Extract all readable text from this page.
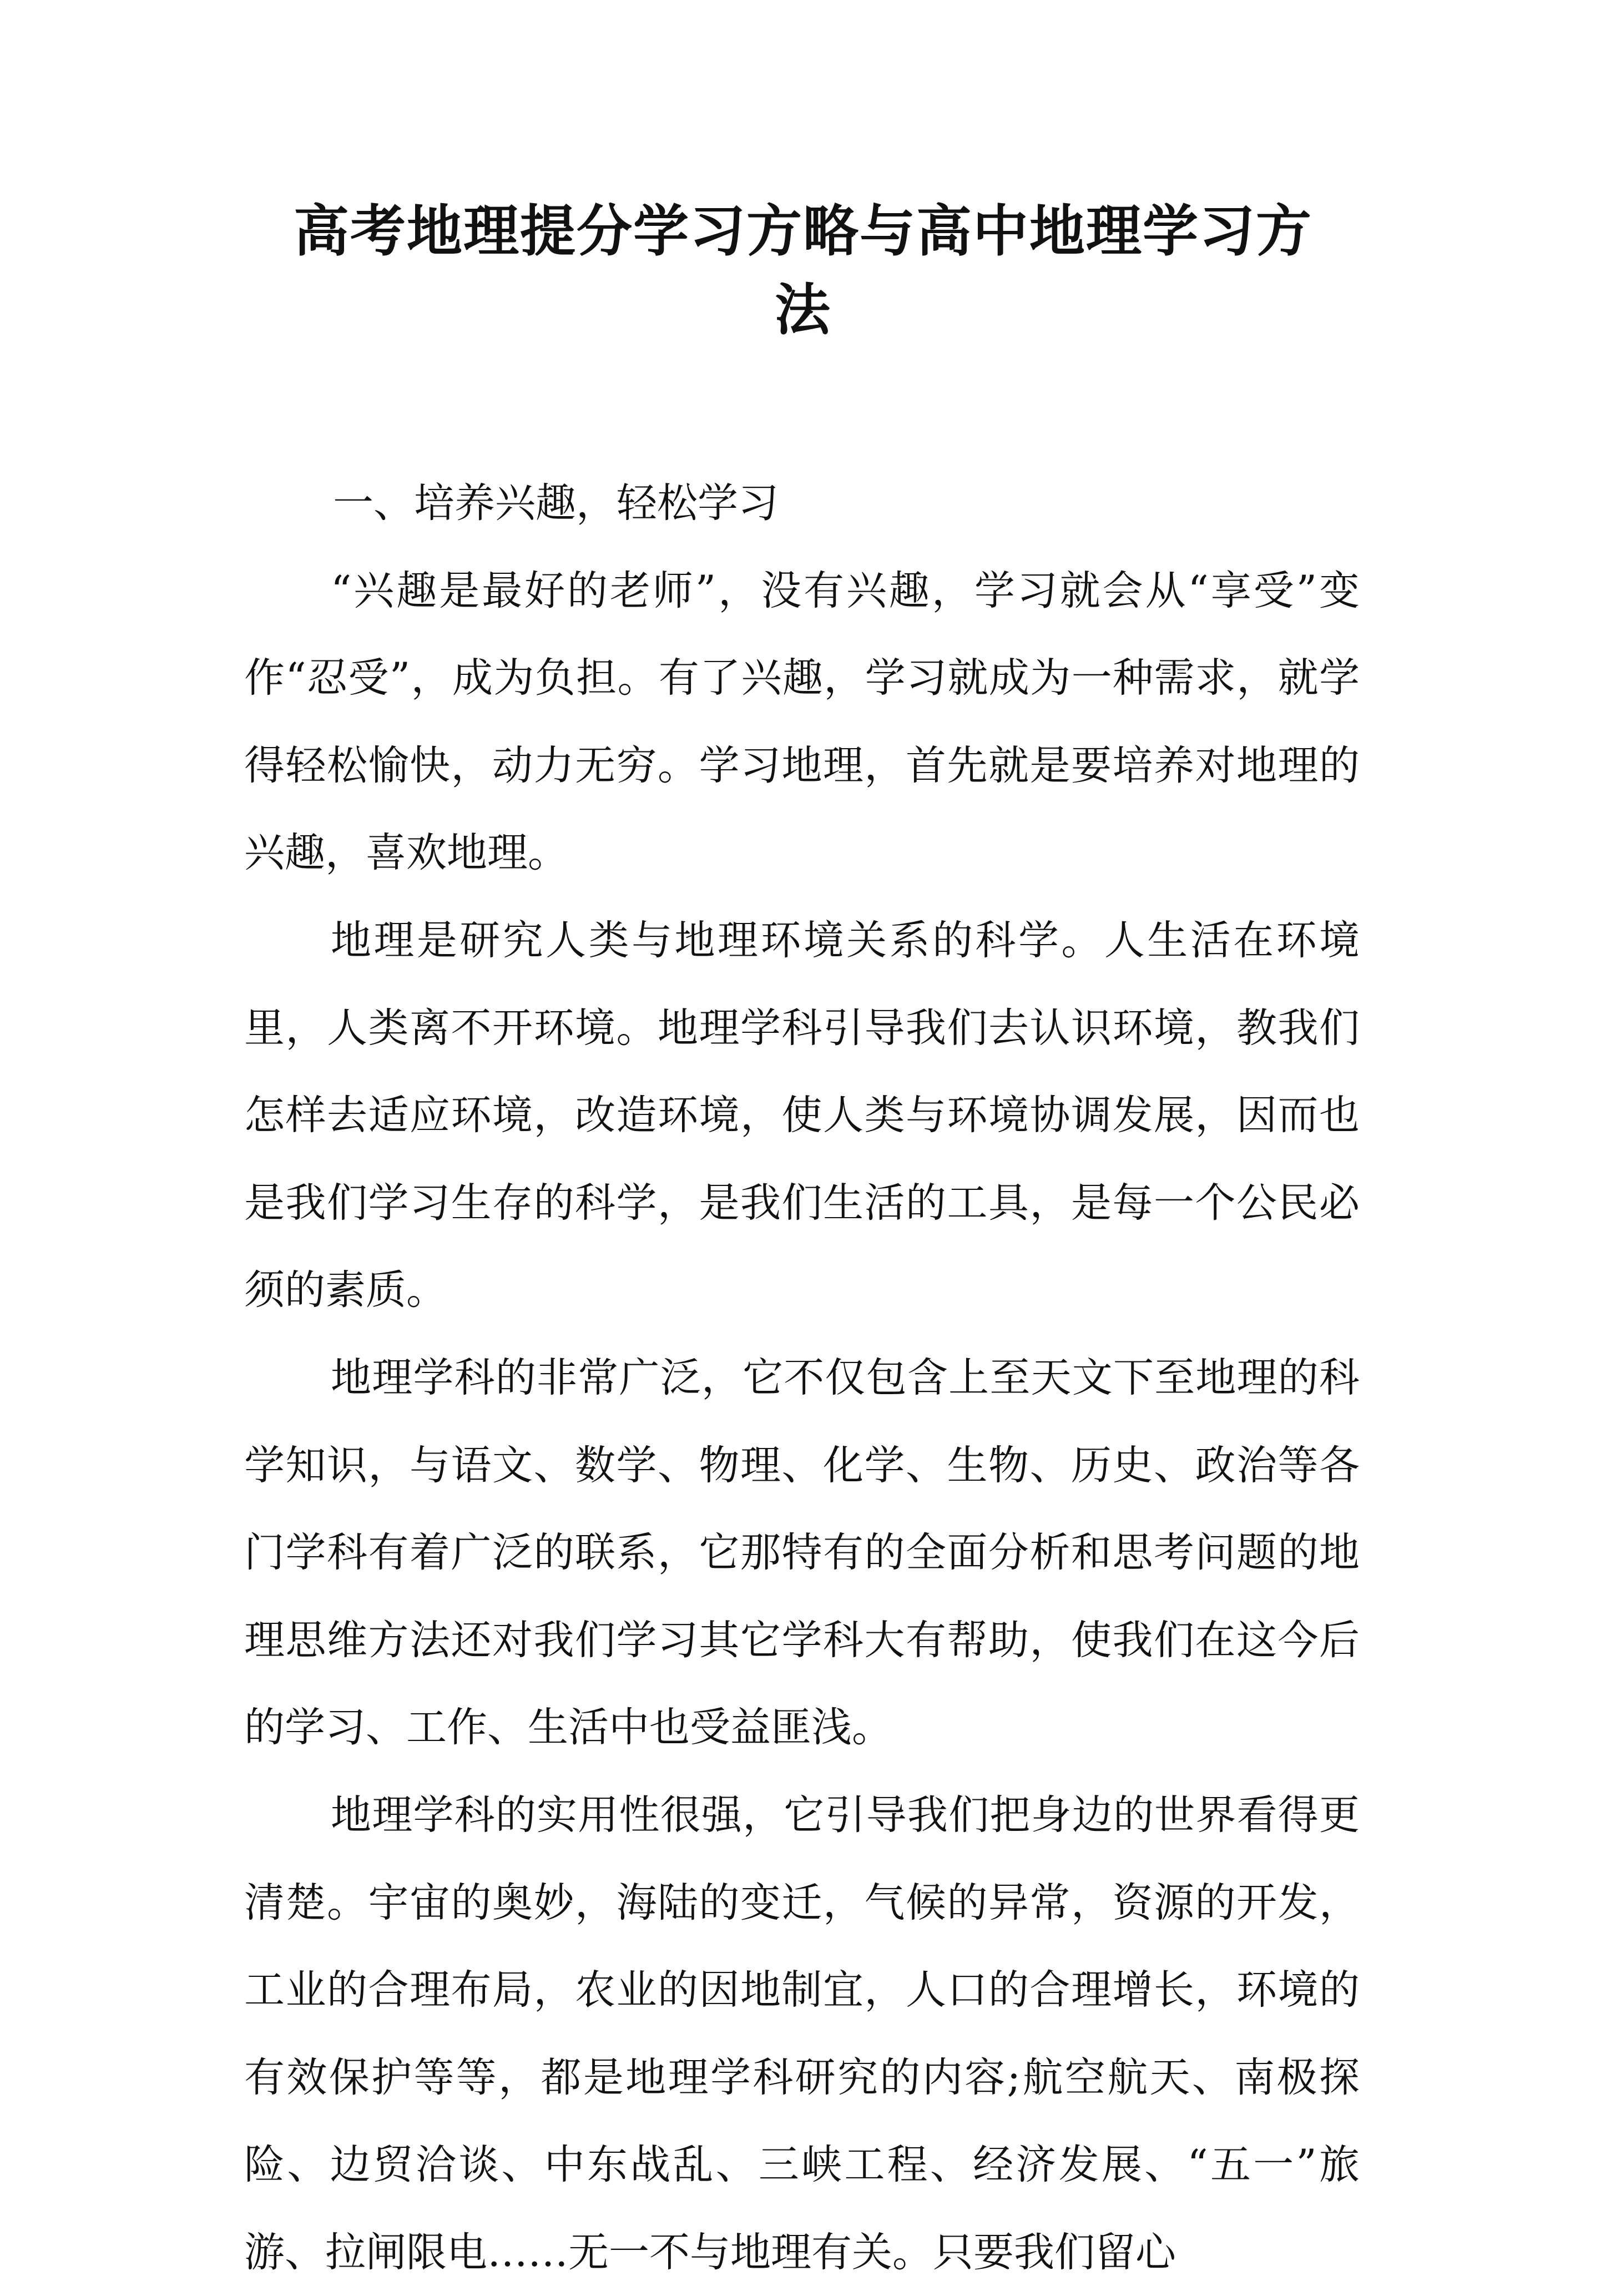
高考地理提分学习方略与高中地理学习方
法

一、培养兴趣，轻松学习

“兴趣是最好的老师”，没有兴趣，学习就会从“享受”变作“忍受”，成为负担。有了兴趣，学习就成为一种需求，就学得轻松愉快，动力无穷。学习地理，首先就是要培养对地理的兴趣，喜欢地理。

地理是研究人类与地理环境关系的科学。人生活在环境里，人类离不开环境。地理学科引导我们去认识环境，教我们怎样去适应环境，改造环境，使人类与环境协调发展，因而也是我们学习生存的科学，是我们生活的工具，是每一个公民必须的素质。

地理学科的非常广泛，它不仅包含上至天文下至地理的科学知识，与语文、数学、物理、化学、生物、历史、政治等各门学科有着广泛的联系，它那特有的全面分析和思考问题的地理思维方法还对我们学习其它学科大有帮助，使我们在这今后的学习、工作、生活中也受益匪浅。

地理学科的实用性很强，它引导我们把身边的世界看得更清楚。宇宙的奥妙，海陆的变迁，气候的异常，资源的开发，工业的合理布局，农业的因地制宜，人口的合理增长，环境的有效保护等等，都是地理学科研究的内容;航空航天、南极探险、边贸洽谈、中东战乱、三峡工程、经济发展、“五一”旅游、拉闸限电……无一不与地理有关。只要我们留心
